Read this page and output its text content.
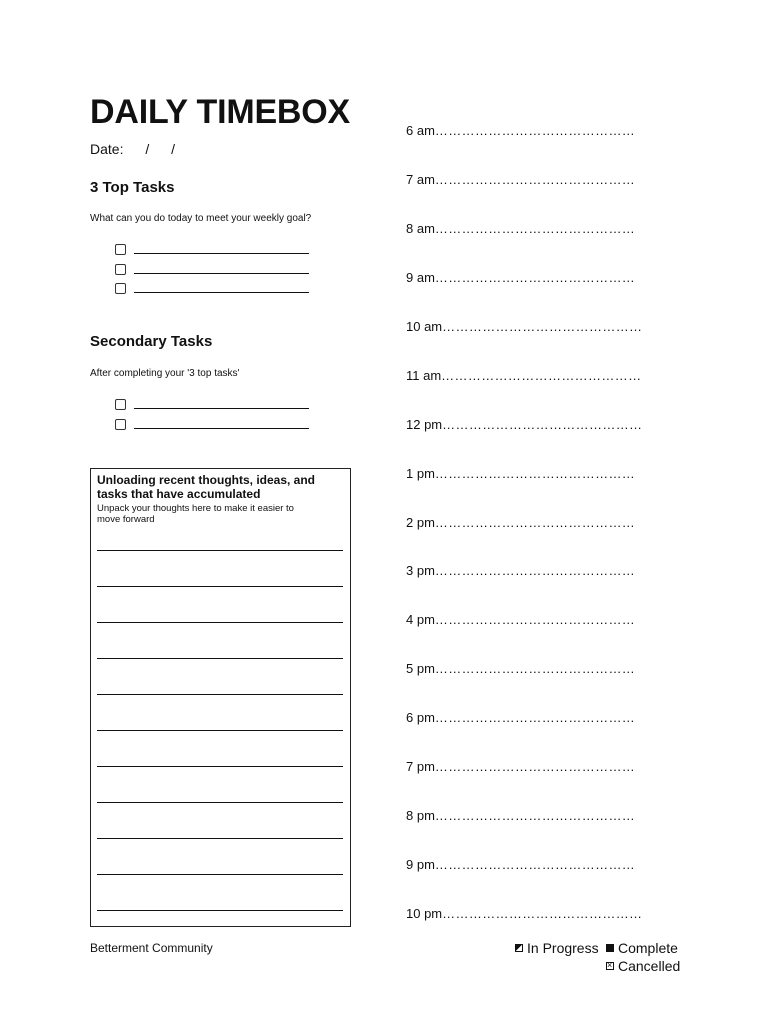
DAILY TIMEBOX
Date: / /
3 Top Tasks
What can you do today to meet your weekly goal?
Secondary Tasks
After completing your '3 top tasks'
Unloading recent thoughts, ideas, and tasks that have accumulated
Unpack your thoughts here to make it easier to move forward
6 am………………………………………
7 am………………………………………
8 am………………………………………
9 am………………………………………
10 am………………………………………
11 am………………………………………
12 pm………………………………………
1 pm………………………………………
2 pm………………………………………
3 pm………………………………………
4 pm………………………………………
5 pm………………………………………
6 pm………………………………………
7 pm………………………………………
8 pm………………………………………
9 pm………………………………………
10 pm………………………………………
Betterment Community	In Progress Complete
×
Cancelled
